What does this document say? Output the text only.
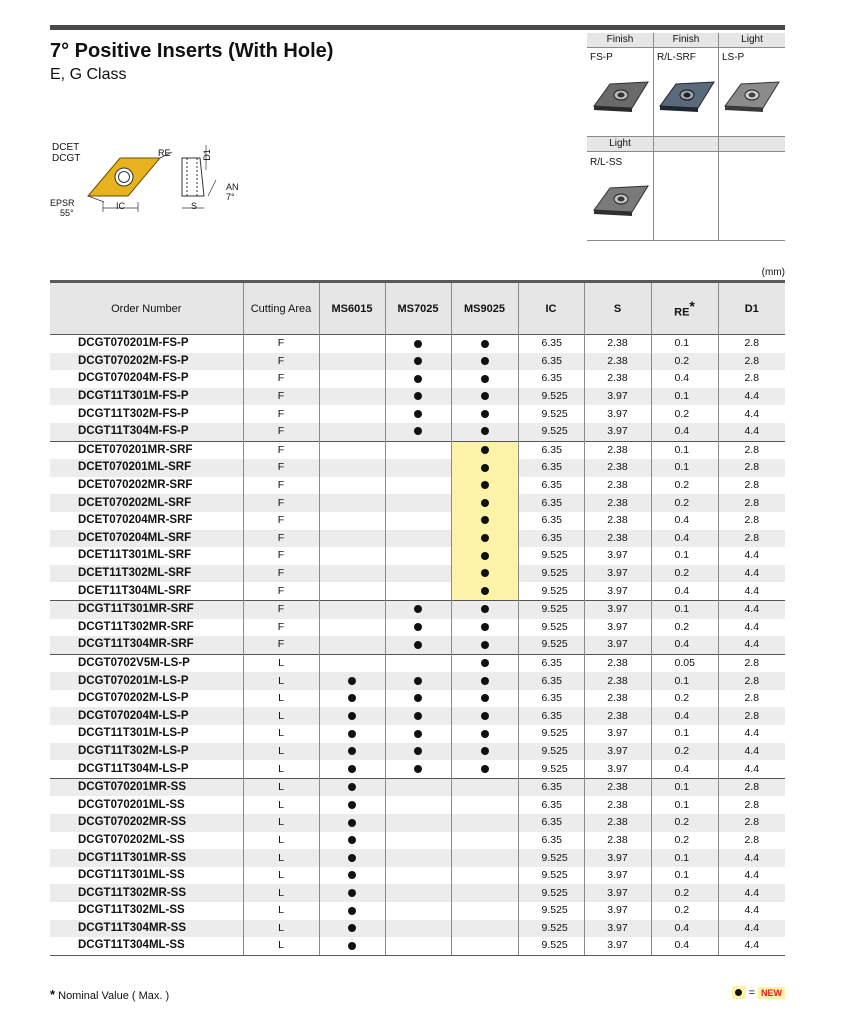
7° Positive Inserts (With Hole)
E, G Class
Finish	Finish	Light
FS-P	R/L-SRF	LS-P
Light
R/L-SS
DCET
DCGT	RE	D1
AN
7°
EPSR
55°
IC	S
(mm)
Order Number	Cutting Area	MS6015	MS7025	MS9025	IC	S	RE*	D1
DCGT070201M-FS-P	F				6.35	2.38	0.1	2.8
DCGT070202M-FS-P	F				6.35	2.38	0.2	2.8
DCGT070204M-FS-P	F				6.35	2.38	0.4	2.8
DCGT11T301M-FS-P	F				9.525	3.97	0.1	4.4
DCGT11T302M-FS-P	F				9.525	3.97	0.2	4.4
DCGT11T304M-FS-P	F				9.525	3.97	0.4	4.4
DCET070201MR-SRF	F				6.35	2.38	0.1	2.8
DCET070201ML-SRF	F				6.35	2.38	0.1	2.8
DCET070202MR-SRF	F				6.35	2.38	0.2	2.8
DCET070202ML-SRF	F				6.35	2.38	0.2	2.8
DCET070204MR-SRF	F				6.35	2.38	0.4	2.8
DCET070204ML-SRF	F				6.35	2.38	0.4	2.8
DCET11T301ML-SRF	F				9.525	3.97	0.1	4.4
DCET11T302ML-SRF	F				9.525	3.97	0.2	4.4
DCET11T304ML-SRF	F				9.525	3.97	0.4	4.4
DCGT11T301MR-SRF	F				9.525	3.97	0.1	4.4
DCGT11T302MR-SRF	F				9.525	3.97	0.2	4.4
DCGT11T304MR-SRF	F				9.525	3.97	0.4	4.4
DCGT0702V5M-LS-P	L				6.35	2.38	0.05	2.8
DCGT070201M-LS-P	L				6.35	2.38	0.1	2.8
DCGT070202M-LS-P	L				6.35	2.38	0.2	2.8
DCGT070204M-LS-P	L				6.35	2.38	0.4	2.8
DCGT11T301M-LS-P	L				9.525	3.97	0.1	4.4
DCGT11T302M-LS-P	L				9.525	3.97	0.2	4.4
DCGT11T304M-LS-P	L				9.525	3.97	0.4	4.4
DCGT070201MR-SS	L				6.35	2.38	0.1	2.8
DCGT070201ML-SS	L				6.35	2.38	0.1	2.8
DCGT070202MR-SS	L				6.35	2.38	0.2	2.8
DCGT070202ML-SS	L				6.35	2.38	0.2	2.8
DCGT11T301MR-SS	L				9.525	3.97	0.1	4.4
DCGT11T301ML-SS	L				9.525	3.97	0.1	4.4
DCGT11T302MR-SS	L				9.525	3.97	0.2	4.4
DCGT11T302ML-SS	L				9.525	3.97	0.2	4.4
DCGT11T304MR-SS	L				9.525	3.97	0.4	4.4
DCGT11T304ML-SS	L				9.525	3.97	0.4	4.4
* Nominal Value ( Max. )	= NEW
